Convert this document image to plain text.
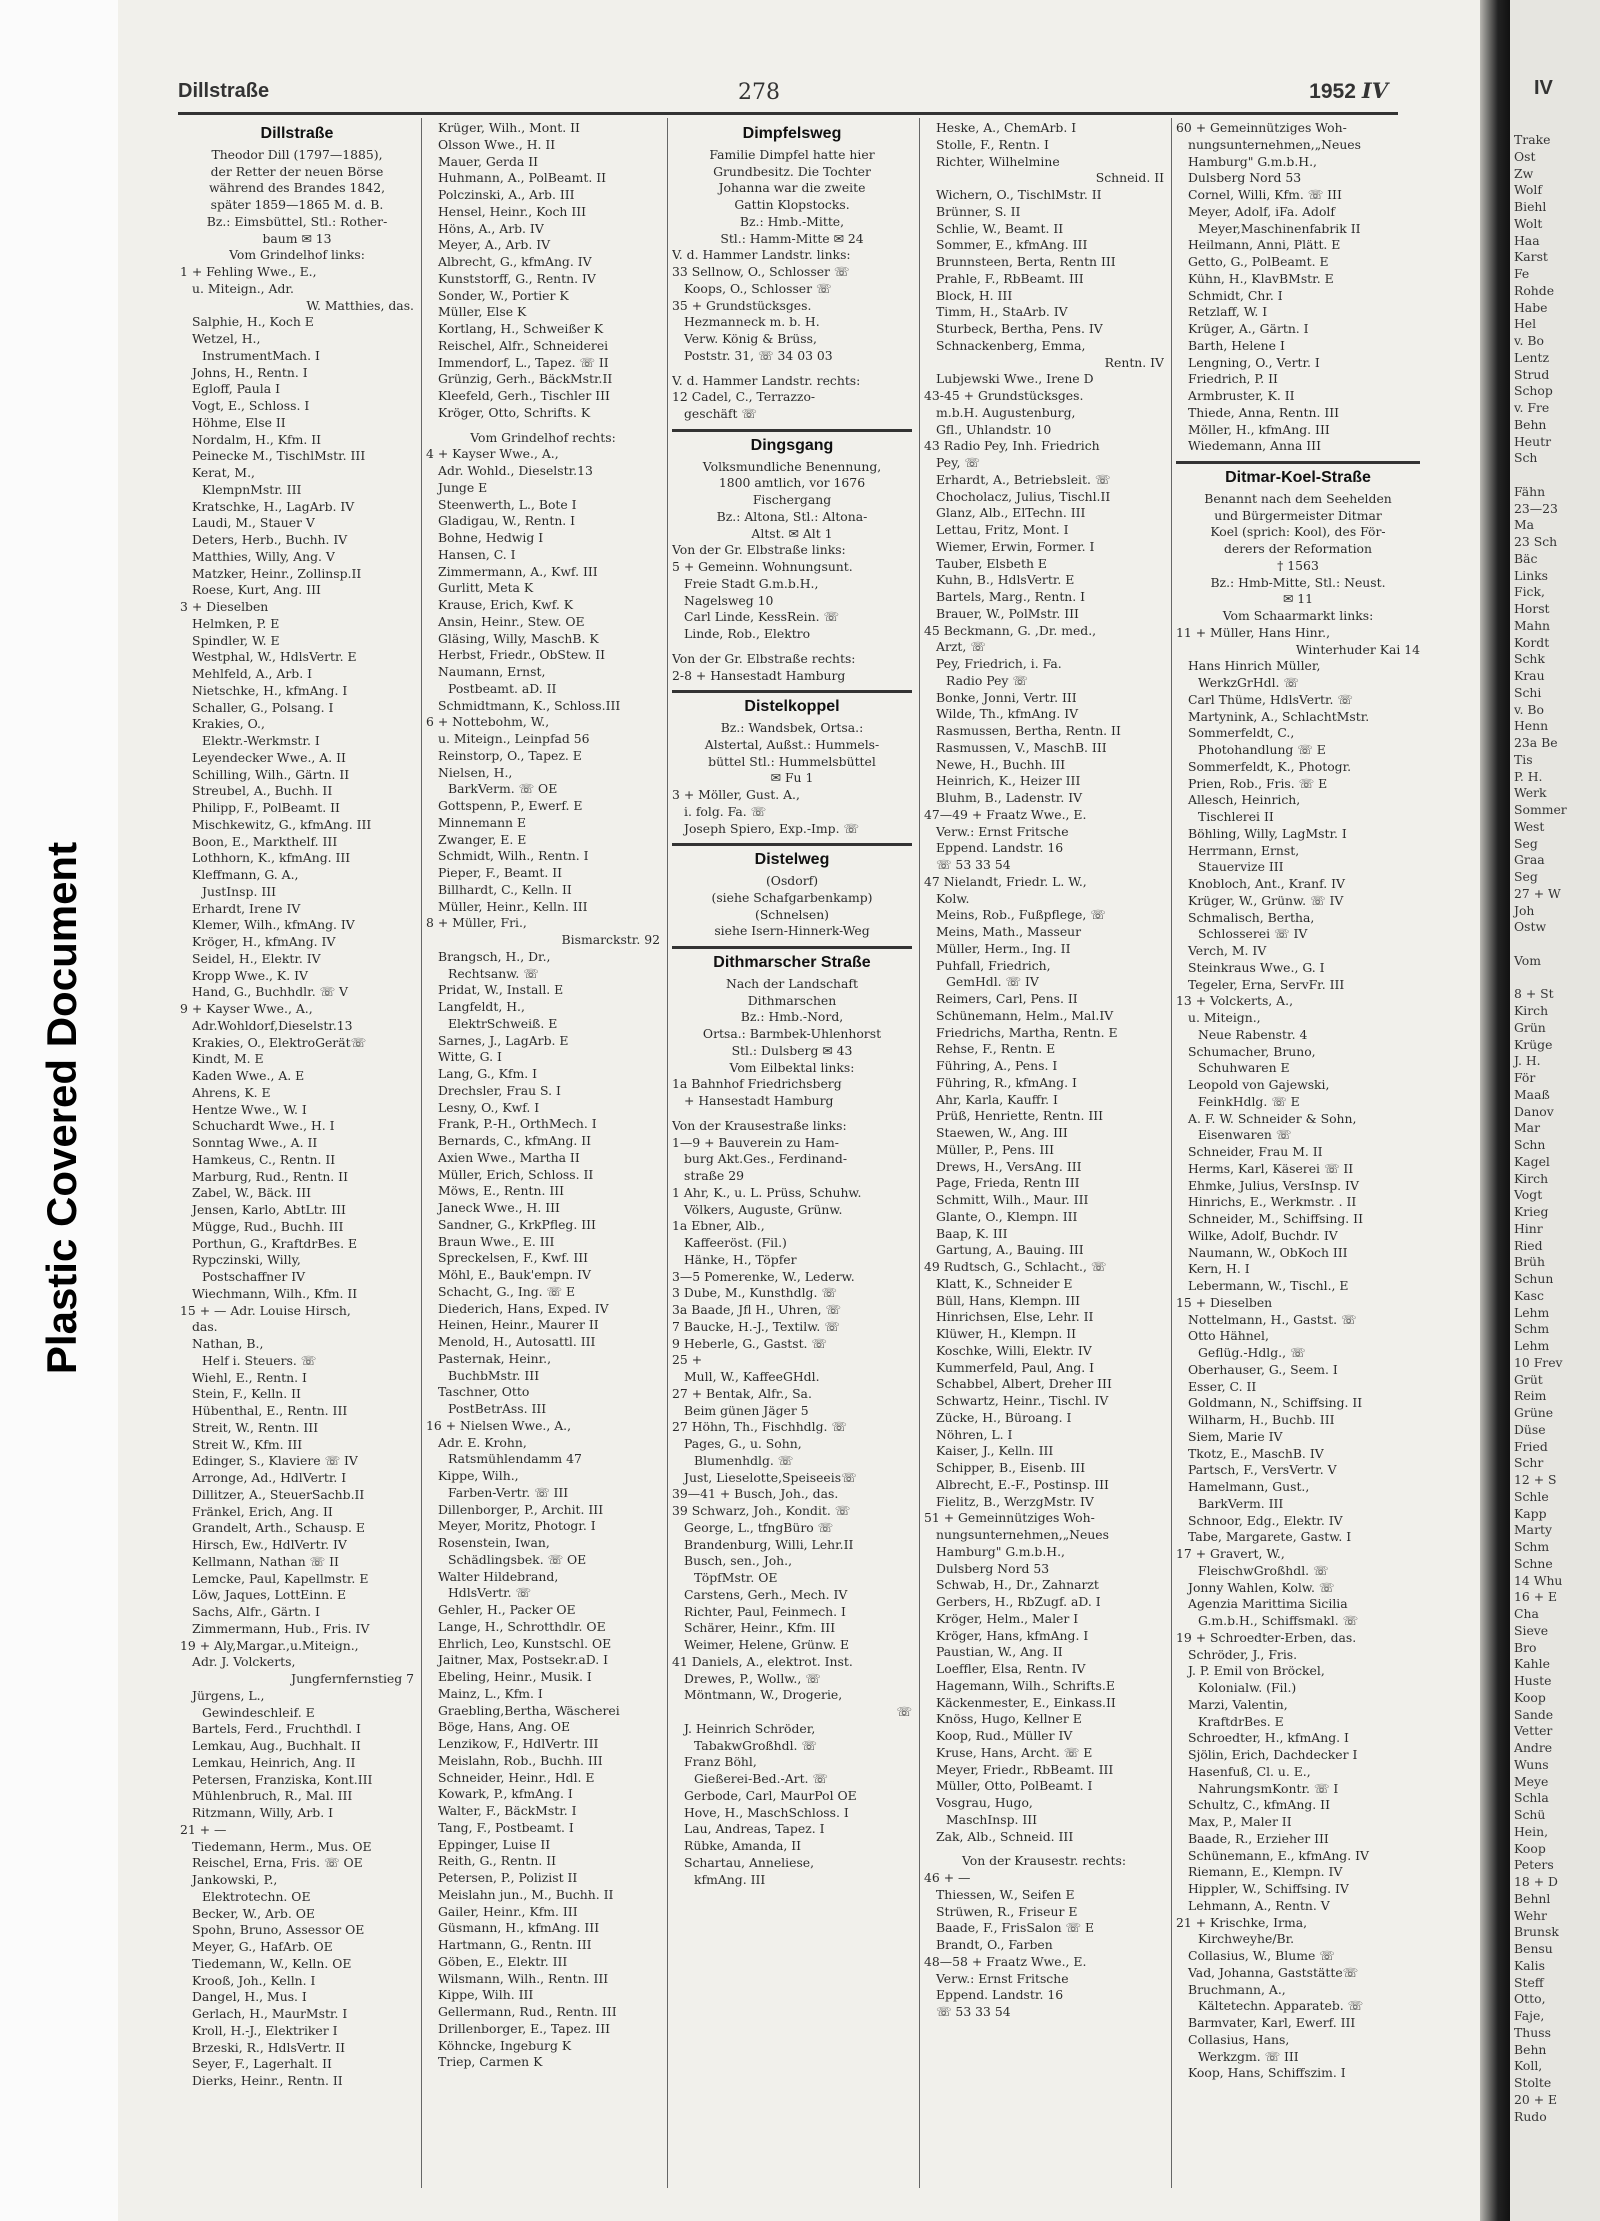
Plastic Covered Document
Dillstraße	278	1952 IV
Dillstraße
Theodor Dill (1797—1885),
der Retter der neuen Börse
während des Brandes 1842,
später 1859—1865 M. d. B.
Bz.: Eimsbüttel, Stl.: Rother-
baum ✉ 13
Vom Grindelhof links:
1 + Fehling Wwe., E.,
u. Miteign., Adr.
W. Matthies, das.
Salphie, H., Koch E
Wetzel, H.,
InstrumentMach. I
Johns, H., Rentn. I
Egloff, Paula I
Vogt, E., Schloss. I
Höhme, Else II
Nordalm, H., Kfm. II
Peinecke M., TischlMstr. III
Kerat, M.,
KlempnMstr. III
Kratschke, H., LagArb. IV
Laudi, M., Stauer V
Deters, Herb., Buchh. IV
Matthies, Willy, Ang. V
Matzker, Heinr., Zollinsp.II
Roese, Kurt, Ang. III
3 + Dieselben
Helmken, P. E
Spindler, W. E
Westphal, W., HdlsVertr. E
Mehlfeld, A., Arb. I
Nietschke, H., kfmAng. I
Schaller, G., Polsang. I
Krakies, O.,
Elektr.-Werkmstr. I
Leyendecker Wwe., A. II
Schilling, Wilh., Gärtn. II
Streubel, A., Buchh. II
Philipp, F., PolBeamt. II
Mischkewitz, G., kfmAng. III
Boon, E., Markthelf. III
Lothhorn, K., kfmAng. III
Kleffmann, G. A.,
JustInsp. III
Erhardt, Irene IV
Klemer, Wilh., kfmAng. IV
Kröger, H., kfmAng. IV
Seidel, H., Elektr. IV
Kropp Wwe., K. IV
Hand, G., Buchhdlr. ☏ V
9 + Kayser Wwe., A.,
Adr.Wohldorf,Dieselstr.13
Krakies, O., ElektroGerät☏
Kindt, M. E
Kaden Wwe., A. E
Ahrens, K. E
Hentze Wwe., W. I
Schuchardt Wwe., H. I
Sonntag Wwe., A. II
Hamkeus, C., Rentn. II
Marburg, Rud., Rentn. II
Zabel, W., Bäck. III
Jensen, Karlo, AbtLtr. III
Mügge, Rud., Buchh. III
Porthun, G., KraftdrBes. E
Rypczinski, Willy,
Postschaffner IV
Wiechmann, Wilh., Kfm. II
15 + — Adr. Louise Hirsch,
das.
Nathan, B.,
Helf i. Steuers. ☏
Wiehl, E., Rentn. I
Stein, F., Kelln. II
Hübenthal, E., Rentn. III
Streit, W., Rentn. III
Streit W., Kfm. III
Edinger, S., Klaviere ☏ IV
Arronge, Ad., HdlVertr. I
Dillitzer, A., SteuerSachb.II
Fränkel, Erich, Ang. II
Grandelt, Arth., Schausp. E
Hirsch, Ew., HdlVertr. IV
Kellmann, Nathan ☏ II
Lemcke, Paul, Kapellmstr. E
Löw, Jaques, LottEinn. E
Sachs, Alfr., Gärtn. I
Zimmermann, Hub., Fris. IV
19 + Aly,Margar.,u.Miteign.,
Adr. J. Volckerts,
Jungfernfernstieg 7
Jürgens, L.,
Gewindeschleif. E
Bartels, Ferd., Fruchthdl. I
Lemkau, Aug., Buchhalt. II
Lemkau, Heinrich, Ang. II
Petersen, Franziska, Kont.III
Mühlenbruch, R., Mal. III
Ritzmann, Willy, Arb. I
21 + —
Tiedemann, Herm., Mus. OE
Reischel, Erna, Fris. ☏ OE
Jankowski, P.,
Elektrotechn. OE
Becker, W., Arb. OE
Spohn, Bruno, Assessor OE
Meyer, G., HafArb. OE
Tiedemann, W., Kelln. OE
Krooß, Joh., Kelln. I
Dangel, H., Mus. I
Gerlach, H., MaurMstr. I
Kroll, H.-J., Elektriker I
Brzeski, R., HdlsVertr. II
Seyer, F., Lagerhalt. II
Dierks, Heinr., Rentn. II
Krüger, Wilh., Mont. II
Olsson Wwe., H. II
Mauer, Gerda II
Huhmann, A., PolBeamt. II
Polczinski, A., Arb. III
Hensel, Heinr., Koch III
Höns, A., Arb. IV
Meyer, A., Arb. IV
Albrecht, G., kfmAng. IV
Kunststorff, G., Rentn. IV
Sonder, W., Portier K
Müller, Else K
Kortlang, H., Schweißer K
Reischel, Alfr., Schneiderei
Immendorf, L., Tapez. ☏ II
Grünzig, Gerh., BäckMstr.II
Kleefeld, Gerh., Tischler III
Kröger, Otto, Schrifts. K
Vom Grindelhof rechts:
4 + Kayser Wwe., A.,
Adr. Wohld., Dieselstr.13
Junge E
Steenwerth, L., Bote I
Gladigau, W., Rentn. I
Bohne, Hedwig I
Hansen, C. I
Zimmermann, A., Kwf. III
Gurlitt, Meta K
Krause, Erich, Kwf. K
Ansin, Heinr., Stew. OE
Gläsing, Willy, MaschB. K
Herbst, Friedr., ObStew. II
Naumann, Ernst,
Postbeamt. aD. II
Schmidtmann, K., Schloss.III
6 + Nottebohm, W.,
u. Miteign., Leinpfad 56
Reinstorp, O., Tapez. E
Nielsen, H.,
BarkVerm. ☏ OE
Gottspenn, P., Ewerf. E
Minnemann E
Zwanger, E. E
Schmidt, Wilh., Rentn. I
Pieper, F., Beamt. II
Billhardt, C., Kelln. II
Müller, Heinr., Kelln. III
8 + Müller, Fri.,
Bismarckstr. 92
Brangsch, H., Dr.,
Rechtsanw. ☏
Pridat, W., Install. E
Langfeldt, H.,
ElektrSchweiß. E
Sarnes, J., LagArb. E
Witte, G. I
Lang, G., Kfm. I
Drechsler, Frau S. I
Lesny, O., Kwf. I
Frank, P.-H., OrthMech. I
Bernards, C., kfmAng. II
Axien Wwe., Martha II
Müller, Erich, Schloss. II
Möws, E., Rentn. III
Janeck Wwe., H. III
Sandner, G., KrkPfleg. III
Braun Wwe., E. III
Spreckelsen, F., Kwf. III
Möhl, E., Bauk'empn. IV
Schacht, G., Ing. ☏ E
Diederich, Hans, Exped. IV
Heinen, Heinr., Maurer II
Menold, H., Autosattl. III
Pasternak, Heinr.,
BuchbMstr. III
Taschner, Otto
PostBetrAss. III
16 + Nielsen Wwe., A.,
Adr. E. Krohn,
Ratsmühlendamm 47
Kippe, Wilh.,
Farben-Vertr. ☏ III
Dillenborger, P., Archit. III
Meyer, Moritz, Photogr. I
Rosenstein, Iwan,
Schädlingsbek. ☏ OE
Walter Hildebrand,
HdlsVertr. ☏
Gehler, H., Packer OE
Lange, H., Schrotthdlr. OE
Ehrlich, Leo, Kunstschl. OE
Jaitner, Max, Postsekr.aD. I
Ebeling, Heinr., Musik. I
Mainz, L., Kfm. I
Graebling,Bertha, Wäscherei
Böge, Hans, Ang. OE
Lenzikow, F., HdlVertr. III
Meislahn, Rob., Buchh. III
Schneider, Heinr., Hdl. E
Kowark, P., kfmAng. I
Walter, F., BäckMstr. I
Tang, F., Postbeamt. I
Eppinger, Luise II
Reith, G., Rentn. II
Petersen, P., Polizist II
Meislahn jun., M., Buchh. II
Gailer, Heinr., Kfm. III
Güsmann, H., kfmAng. III
Hartmann, G., Rentn. III
Göben, E., Elektr. III
Wilsmann, Wilh., Rentn. III
Kippe, Wilh. III
Gellermann, Rud., Rentn. III
Drillenborger, E., Tapez. III
Köhncke, Ingeburg K
Triep, Carmen K
Dimpfelsweg
Familie Dimpfel hatte hier
Grundbesitz. Die Tochter
Johanna war die zweite
Gattin Klopstocks.
Bz.: Hmb.-Mitte,
Stl.: Hamm-Mitte ✉ 24
V. d. Hammer Landstr. links:
33 Sellnow, O., Schlosser ☏
Koops, O., Schlosser ☏
35 + Grundstücksges.
Hezmanneck m. b. H.
Verw. König & Brüss,
Poststr. 31, ☏ 34 03 03
V. d. Hammer Landstr. rechts:
12 Cadel, C., Terrazzo-
geschäft ☏
Dingsgang
Volksmundliche Benennung,
1800 amtlich, vor 1676
Fischergang
Bz.: Altona, Stl.: Altona-
Altst. ✉ Alt 1
Von der Gr. Elbstraße links:
5 + Gemeinn. Wohnungsunt.
Freie Stadt G.m.b.H.,
Nagelsweg 10
Carl Linde, KessRein. ☏
Linde, Rob., Elektro
Von der Gr. Elbstraße rechts:
2-8 + Hansestadt Hamburg
Distelkoppel
Bz.: Wandsbek, Ortsa.:
Alstertal, Außst.: Hummels-
büttel Stl.: Hummelsbüttel
✉ Fu 1
3 + Möller, Gust. A.,
i. folg. Fa. ☏
Joseph Spiero, Exp.-Imp. ☏
Distelweg
(Osdorf)
(siehe Schafgarbenkamp)
(Schnelsen)
siehe Isern-Hinnerk-Weg
Dithmarscher Straße
Nach der Landschaft
Dithmarschen
Bz.: Hmb.-Nord,
Ortsa.: Barmbek-Uhlenhorst
Stl.: Dulsberg ✉ 43
Vom Eilbektal links:
1a Bahnhof Friedrichsberg
+ Hansestadt Hamburg
Von der Krausestraße links:
1—9 + Bauverein zu Ham-
burg Akt.Ges., Ferdinand-
straße 29
1 Ahr, K., u. L. Prüss, Schuhw.
Völkers, Auguste, Grünw.
1a Ebner, Alb.,
Kaffeeröst. (Fil.)
Hänke, H., Töpfer
3—5 Pomerenke, W., Lederw.
3 Dube, M., Kunsthdlg. ☏
3a Baade, Jfl H., Uhren, ☏
7 Baucke, H.-J., Textilw. ☏
9 Heberle, G., Gastst. ☏
25 +
Mull, W., KaffeeGHdl.
27 + Bentak, Alfr., Sa.
Beim günen Jäger 5
27 Höhn, Th., Fischhdlg. ☏
Pages, G., u. Sohn,
Blumenhdlg. ☏
Just, Lieselotte,Speiseeis☏
39—41 + Busch, Joh., das.
39 Schwarz, Joh., Kondit. ☏
George, L., tfngBüro ☏
Brandenburg, Willi, Lehr.II
Busch, sen., Joh.,
TöpfMstr. OE
Carstens, Gerh., Mech. IV
Richter, Paul, Feinmech. I
Schärer, Heinr., Kfm. III
Weimer, Helene, Grünw. E
41 Daniels, A., elektrot. Inst.
Drewes, P., Wollw., ☏
Möntmann, W., Drogerie,
☏
J. Heinrich Schröder,
TabakwGroßhdl. ☏
Franz Böhl,
Gießerei-Bed.-Art. ☏
Gerbode, Carl, MaurPol OE
Hove, H., MaschSchloss. I
Lau, Andreas, Tapez. I
Rübke, Amanda, II
Schartau, Anneliese,
kfmAng. III
Heske, A., ChemArb. I
Stolle, F., Rentn. I
Richter, Wilhelmine
Schneid. II
Wichern, O., TischlMstr. II
Brünner, S. II
Schlie, W., Beamt. II
Sommer, E., kfmAng. III
Brunnsteen, Berta, Rentn III
Prahle, F., RbBeamt. III
Block, H. III
Timm, H., StaArb. IV
Sturbeck, Bertha, Pens. IV
Schnackenberg, Emma,
Rentn. IV
Lubjewski Wwe., Irene D
43-45 + Grundstücksges.
m.b.H. Augustenburg,
Gfl., Uhlandstr. 10
43 Radio Pey, Inh. Friedrich
Pey, ☏
Erhardt, A., Betriebsleit. ☏
Chocholacz, Julius, Tischl.II
Glanz, Alb., ElTechn. III
Lettau, Fritz, Mont. I
Wiemer, Erwin, Former. I
Tauber, Elsbeth E
Kuhn, B., HdlsVertr. E
Bartels, Marg., Rentn. I
Brauer, W., PolMstr. III
45 Beckmann, G. ,Dr. med.,
Arzt, ☏
Pey, Friedrich, i. Fa.
Radio Pey ☏
Bonke, Jonni, Vertr. III
Wilde, Th., kfmAng. IV
Rasmussen, Bertha, Rentn. II
Rasmussen, V., MaschB. III
Newe, H., Buchh. III
Heinrich, K., Heizer III
Bluhm, B., Ladenstr. IV
47—49 + Fraatz Wwe., E.
Verw.: Ernst Fritsche
Eppend. Landstr. 16
☏ 53 33 54
47 Nielandt, Friedr. L. W.,
Kolw.
Meins, Rob., Fußpflege, ☏
Meins, Math., Masseur
Müller, Herm., Ing. II
Puhfall, Friedrich,
GemHdl. ☏ IV
Reimers, Carl, Pens. II
Schünemann, Helm., Mal.IV
Friedrichs, Martha, Rentn. E
Rehse, F., Rentn. E
Führing, A., Pens. I
Führing, R., kfmAng. I
Ahr, Karla, Kauffr. I
Prüß, Henriette, Rentn. III
Staewen, W., Ang. III
Müller, P., Pens. III
Drews, H., VersAng. III
Page, Frieda, Rentn III
Schmitt, Wilh., Maur. III
Glante, O., Klempn. III
Baap, K. III
Gartung, A., Bauing. III
49 Rudtsch, G., Schlacht., ☏
Klatt, K., Schneider E
Büll, Hans, Klempn. III
Hinrichsen, Else, Lehr. II
Klüwer, H., Klempn. II
Koschke, Willi, Elektr. IV
Kummerfeld, Paul, Ang. I
Schabbel, Albert, Dreher III
Schwartz, Heinr., Tischl. IV
Zücke, H., Büroang. I
Nöhren, L. I
Kaiser, J., Kelln. III
Schipper, B., Eisenb. III
Albrecht, E.-F., Postinsp. III
Fielitz, B., WerzgMstr. IV
51 + Gemeinnütziges Woh-
nungsunternehmen,„Neues
Hamburg" G.m.b.H.,
Dulsberg Nord 53
Schwab, H., Dr., Zahnarzt
Gerbers, H., RbZugf. aD. I
Kröger, Helm., Maler I
Kröger, Hans, kfmAng. I
Paustian, W., Ang. II
Loeffler, Elsa, Rentn. IV
Hagemann, Wilh., Schrifts.E
Käckenmester, E., Einkass.II
Knöss, Hugo, Kellner E
Koop, Rud., Müller IV
Kruse, Hans, Archt. ☏ E
Meyer, Friedr., RbBeamt. III
Müller, Otto, PolBeamt. I
Vosgrau, Hugo,
MaschInsp. III
Zak, Alb., Schneid. III
Von der Krausestr. rechts:
46 + —
Thiessen, W., Seifen E
Strüwen, R., Friseur E
Baade, F., FrisSalon ☏ E
Brandt, O., Farben
48—58 + Fraatz Wwe., E.
Verw.: Ernst Fritsche
Eppend. Landstr. 16
☏ 53 33 54
60 + Gemeinnütziges Woh-
nungsunternehmen,„Neues
Hamburg" G.m.b.H.,
Dulsberg Nord 53
Cornel, Willi, Kfm. ☏ III
Meyer, Adolf, iFa. Adolf
Meyer,Maschinenfabrik II
Heilmann, Anni, Plätt. E
Getto, G., PolBeamt. E
Kühn, H., KlavBMstr. E
Schmidt, Chr. I
Retzlaff, W. I
Krüger, A., Gärtn. I
Barth, Helene I
Lengning, O., Vertr. I
Friedrich, P. II
Armbruster, K. II
Thiede, Anna, Rentn. III
Möller, H., kfmAng. III
Wiedemann, Anna III
Ditmar-Koel-Straße
Benannt nach dem Seehelden
und Bürgermeister Ditmar
Koel (sprich: Kool), des För-
derers der Reformation
† 1563
Bz.: Hmb-Mitte, Stl.: Neust.
✉ 11
Vom Schaarmarkt links:
11 + Müller, Hans Hinr.,
Winterhuder Kai 14
Hans Hinrich Müller,
WerkzGrHdl. ☏
Carl Thüme, HdlsVertr. ☏
Martynink, A., SchlachtMstr.
Sommerfeldt, C.,
Photohandlung ☏ E
Sommerfeldt, K., Photogr.
Prien, Rob., Fris. ☏ E
Allesch, Heinrich,
Tischlerei II
Böhling, Willy, LagMstr. I
Herrmann, Ernst,
Stauervize III
Knobloch, Ant., Kranf. IV
Krüger, W., Grünw. ☏ IV
Schmalisch, Bertha,
Schlosserei ☏ IV
Verch, M. IV
Steinkraus Wwe., G. I
Tegeler, Erna, ServFr. III
13 + Volckerts, A.,
u. Miteign.,
Neue Rabenstr. 4
Schumacher, Bruno,
Schuhwaren E
Leopold von Gajewski,
FeinkHdlg. ☏ E
A. F. W. Schneider & Sohn,
Eisenwaren ☏
Schneider, Frau M. II
Herms, Karl, Käserei ☏ II
Ehmke, Julius, VersInsp. IV
Hinrichs, E., Werkmstr. . II
Schneider, M., Schiffsing. II
Wilke, Adolf, Buchdr. IV
Naumann, W., ObKoch III
Kern, H. I
Lebermann, W., Tischl., E
15 + Dieselben
Nottelmann, H., Gastst. ☏
Otto Hähnel,
Geflüg.-Hdlg., ☏
Oberhauser, G., Seem. I
Esser, C. II
Goldmann, N., Schiffsing. II
Wilharm, H., Buchb. III
Siem, Marie IV
Tkotz, E., MaschB. IV
Partsch, F., VersVertr. V
Hamelmann, Gust.,
BarkVerm. III
Schnoor, Edg., Elektr. IV
Tabe, Margarete, Gastw. I
17 + Gravert, W.,
FleischwGroßhdl. ☏
Jonny Wahlen, Kolw. ☏
Agenzia Marittima Sicilia
G.m.b.H., Schiffsmakl. ☏
19 + Schroedter-Erben, das.
Schröder, J., Fris.
J. P. Emil von Bröckel,
Kolonialw. (Fil.)
Marzi, Valentin,
KraftdrBes. E
Schroedter, H., kfmAng. I
Sjölin, Erich, Dachdecker I
Hasenfuß, Cl. u. E.,
NahrungsmKontr. ☏ I
Schultz, C., kfmAng. II
Max, P., Maler II
Baade, R., Erzieher III
Schünemann, E., kfmAng. IV
Riemann, E., Klempn. IV
Hippler, W., Schiffsing. IV
Lehmann, A., Rentn. V
21 + Krischke, Irma,
Kirchweyhe/Br.
Collasius, W., Blume ☏
Vad, Johanna, Gaststätte☏
Bruchmann, A.,
Kältetechn. Apparateb. ☏
Barmvater, Karl, Ewerf. III
Collasius, Hans,
Werkzgm. ☏ III
Koop, Hans, Schiffszim. I
IV
Trake
Ost
Zw
Wolf
Biehl
Wolt
Haa
Karst
Fe
Rohde
Habe
Hel
v. Bo
Lentz
Strud
Schop
v. Fre
Behn
Heutr
Sch
Fähn
23—23
Ma
23 Sch
Bäc
Links
Fick,
Horst
Mahn
Kordt
Schk
Krau
Schi
v. Bo
Henn
23a Be
Tis
P. H.
Werk
Sommer
West
Seg
Graa
Seg
27 + W
Joh
Ostw
Vom
8 + St
Kirch
Grün
Krüge
J. H.
För
Maaß
Danov
Mar
Schn
Kagel
Kirch
Vogt
Krieg
Hinr
Ried
Brüh
Schun
Kasc
Lehm
Schm
Lehm
10 Frev
Grüt
Reim
Grüne
Düse
Fried
Schr
12 + S
Schle
Kapp
Marty
Schm
Schne
14 Whu
16 + E
Cha
Sieve
Bro
Kahle
Huste
Koop
Sande
Vetter
Andre
Wuns
Meye
Schla
Schü
Hein,
Koop
Peters
18 + D
Behnl
Wehr
Brunsk
Bensu
Kalis
Steff
Otto,
Faje,
Thuss
Behn
Koll,
Stolte
20 + E
Rudo
